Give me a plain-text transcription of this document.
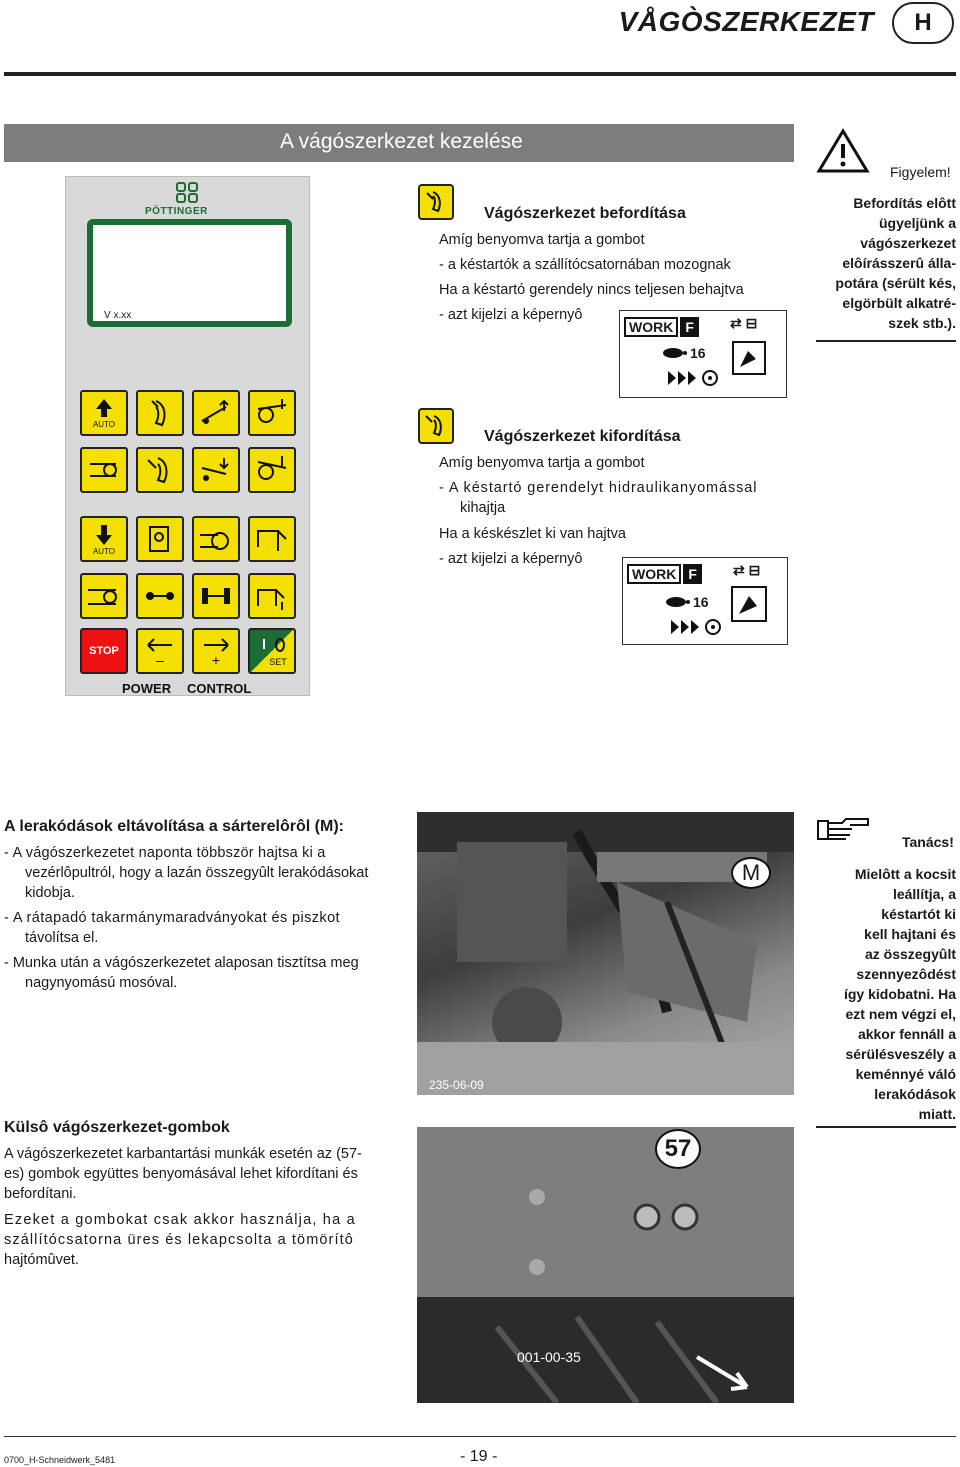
VÅGÒSZERKEZET	H
A vágószerkezet kezelése
PÖTTINGER
V x.xx
AUTO
AUTO
STOP
–	+	SET
POWER CONTROL
Vágószerkezet befordítása
Amíg benyomva tartja a gombot
- a késtartók a szállítócsatornában mozognak
Ha a késtartó gerendely nincs teljesen behajtva
- azt kijelzi a képernyô
WORK F
16
⇄ ⊟
Figyelem!
Befordítás elôtt
ügyeljünk a
vágószerkezet
elôírásszerû álla-
potára (sérült kés,
elgörbült alkatré-
szek stb.).
Vágószerkezet kifordítása
Amíg benyomva tartja a gombot
- A késtartó gerendelyt hidraulikanyomással
kihajtja
Ha a késkészlet ki van hajtva
- azt kijelzi a képernyô
WORK F
16
⇄ ⊟
A lerakódások eltávolítása a sárterelôrôl (M):
- A vágószerkezetet naponta többször hajtsa ki a
vezérlôpultról, hogy a lazán összegyûlt lerakódásokat
kidobja.
- A rátapadó takarmánymaradványokat és piszkot
távolítsa el.
- Munka után a vágószerkezetet alaposan tisztítsa meg
nagynyomású mosóval.
M
235-06-09
Tanács!
Mielôtt a kocsit
leállítja, a
késtartót ki
kell hajtani és
az összegyûlt
szennyezôdést
így kidobatni. Ha
ezt nem végzi el,
akkor fennáll a
sérülésveszély a
keménnyé váló
lerakódások
miatt.
Külsô vágószerkezet-gombok
A vágószerkezetet karbantartási munkák esetén az (57-
es) gombok együttes benyomásával lehet kifordítani és
befordítani.
Ezeket a gombokat csak akkor használja, ha a
szállítócsatorna üres és lekapcsolta a tömörítô
hajtómûvet.
57
001-00-35
0700_H-Schneidwerk_5481	- 19 -
